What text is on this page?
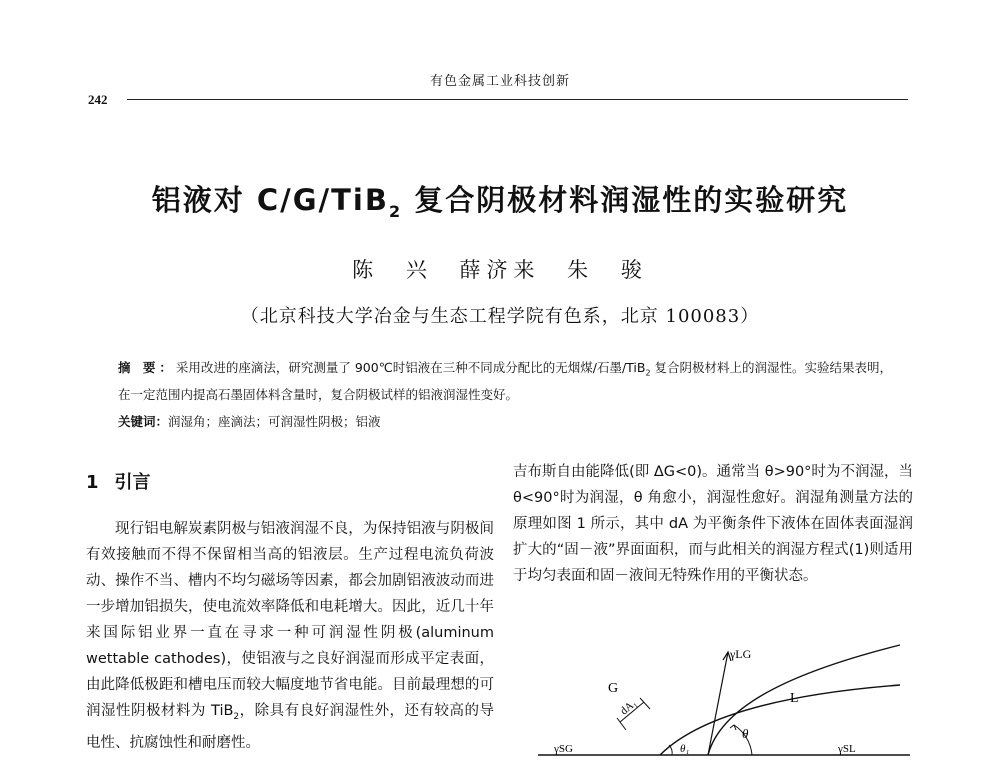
有色金属工业科技创新
242
铝液对 C/G/TiB$_2$ 复合阴极材料润湿性的实验研究
陈 兴 薛济来 朱 骏
（北京科技大学冶金与生态工程学院有色系，北京 100083）
摘 要：采用改进的座滴法，研究测量了 900℃时铝液在三种不同成分配比的无烟煤/石墨/TiB$_2$ 复合阴极材料上的润湿性。实验结果表明，在一定范围内提高石墨固体料含量时，复合阴极试样的铝液润湿性变好。
关键词：润湿角；座滴法；可润湿性阴极；铝液
1 引言

现行铝电解炭素阴极与铝液润湿不良，为保持铝液与阴极间有效接触而不得不保留相当高的铝液层。生产过程电流负荷波动、操作不当、槽内不均匀磁场等因素，都会加剧铝液波动而进一步增加铝损失，使电流效率降低和电耗增大。因此，近几十年来国际铝业界一直在寻求一种可润湿性阴极(aluminum wettable cathodes)，使铝液与之良好润湿而形成平定表面，由此降低极距和槽电压而较大幅度地节省电能。目前最理想的可润湿性阴极材料为 TiB$_2$，除具有良好润湿性外，还有较高的导电性、抗腐蚀性和耐磨性。

吉布斯自由能降低(即 ΔG<0)。通常当 θ>90°时为不润湿，当 θ<90°时为润湿，θ 角愈小，润湿性愈好。润湿角测量方法的原理如图 1 所示，其中 dA 为平衡条件下液体在固体表面湿润扩大的“固－液”界面面积，而与此相关的润湿方程式(1)则适用于均匀表面和固－液间无特殊作用的平衡状态。

γLG
G
L
dA₁
θ
θ₁
γSG	γSL
